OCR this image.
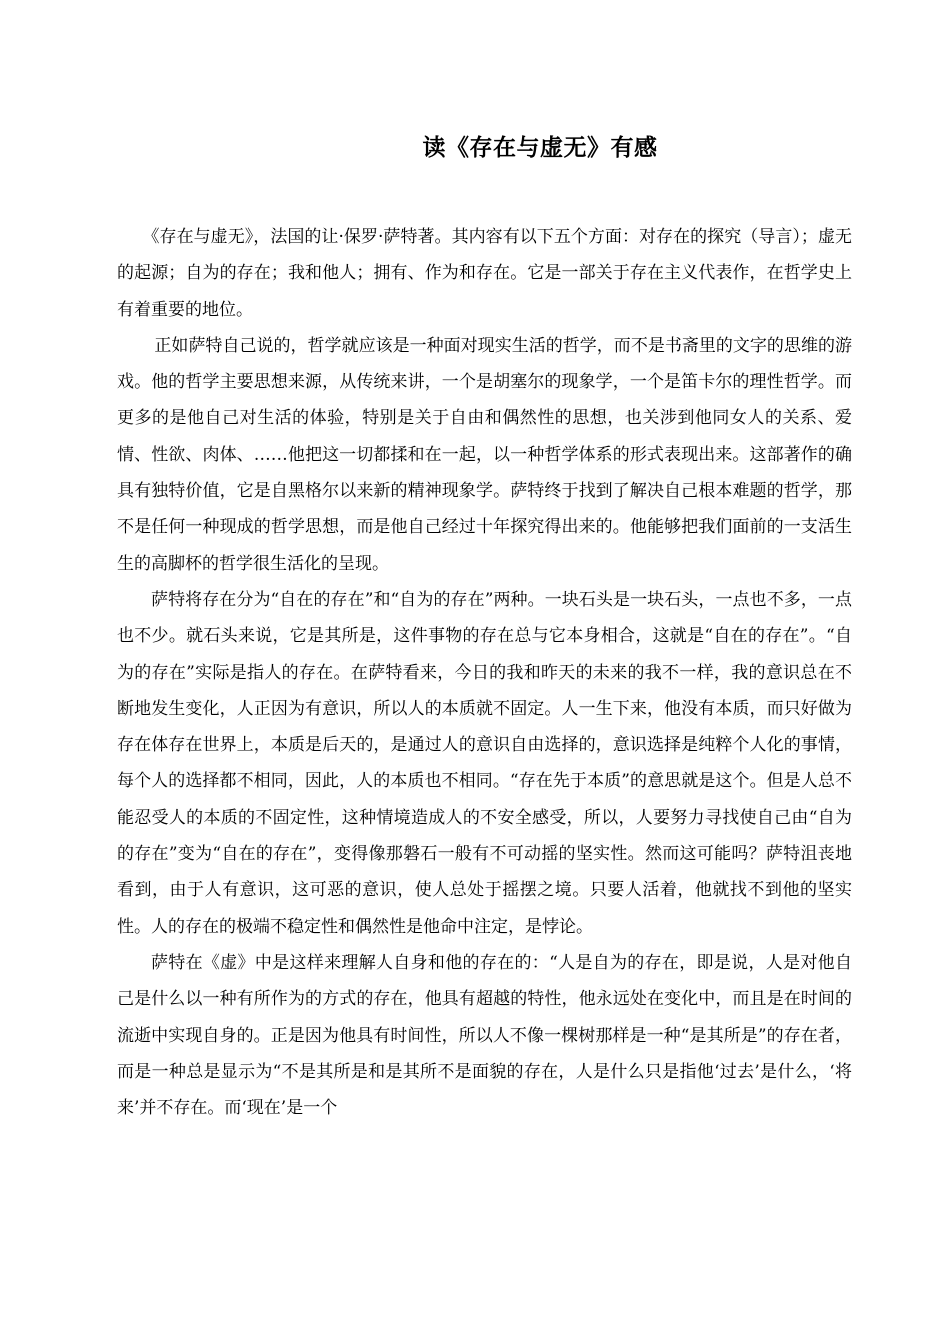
读《存在与虚无》有感

《存在与虚无》，法国的让·保罗·萨特著。其内容有以下五个方面：对存在的探究（导言）；虚无的起源；自为的存在；我和他人；拥有、作为和存在。它是一部关于存在主义代表作，在哲学史上有着重要的地位。

正如萨特自己说的，哲学就应该是一种面对现实生活的哲学，而不是书斋里的文字的思维的游戏。他的哲学主要思想来源，从传统来讲，一个是胡塞尔的现象学，一个是笛卡尔的理性哲学。而更多的是他自己对生活的体验，特别是关于自由和偶然性的思想，也关涉到他同女人的关系、爱情、性欲、肉体、……他把这一切都揉和在一起，以一种哲学体系的形式表现出来。这部著作的确具有独特价值，它是自黑格尔以来新的精神现象学。萨特终于找到了解决自己根本难题的哲学，那不是任何一种现成的哲学思想，而是他自己经过十年探究得出来的。他能够把我们面前的一支活生生的高脚杯的哲学很生活化的呈现。

萨特将存在分为“自在的存在”和“自为的存在”两种。一块石头是一块石头，一点也不多，一点也不少。就石头来说，它是其所是，这件事物的存在总与它本身相合，这就是“自在的存在”。“自为的存在”实际是指人的存在。在萨特看来，今日的我和昨天的未来的我不一样，我的意识总在不断地发生变化，人正因为有意识，所以人的本质就不固定。人一生下来，他没有本质，而只好做为存在体存在世界上，本质是后天的，是通过人的意识自由选择的，意识选择是纯粹个人化的事情，每个人的选择都不相同，因此，人的本质也不相同。“存在先于本质”的意思就是这个。但是人总不能忍受人的本质的不固定性，这种情境造成人的不安全感受，所以，人要努力寻找使自己由“自为的存在”变为“自在的存在”，变得像那磐石一般有不可动摇的坚实性。然而这可能吗？萨特沮丧地看到，由于人有意识，这可恶的意识，使人总处于摇摆之境。只要人活着，他就找不到他的坚实性。人的存在的极端不稳定性和偶然性是他命中注定，是悖论。

萨特在《虚》中是这样来理解人自身和他的存在的：“人是自为的存在，即是说，人是对他自己是什么以一种有所作为的方式的存在，他具有超越的特性，他永远处在变化中，而且是在时间的流逝中实现自身的。正是因为他具有时间性，所以人不像一棵树那样是一种“是其所是”的存在者，而是一种总是显示为“不是其所是和是其所不是面貌的存在，人是什么只是指他‘过去’是什么，‘将来’并不存在。而‘现在’是一个
